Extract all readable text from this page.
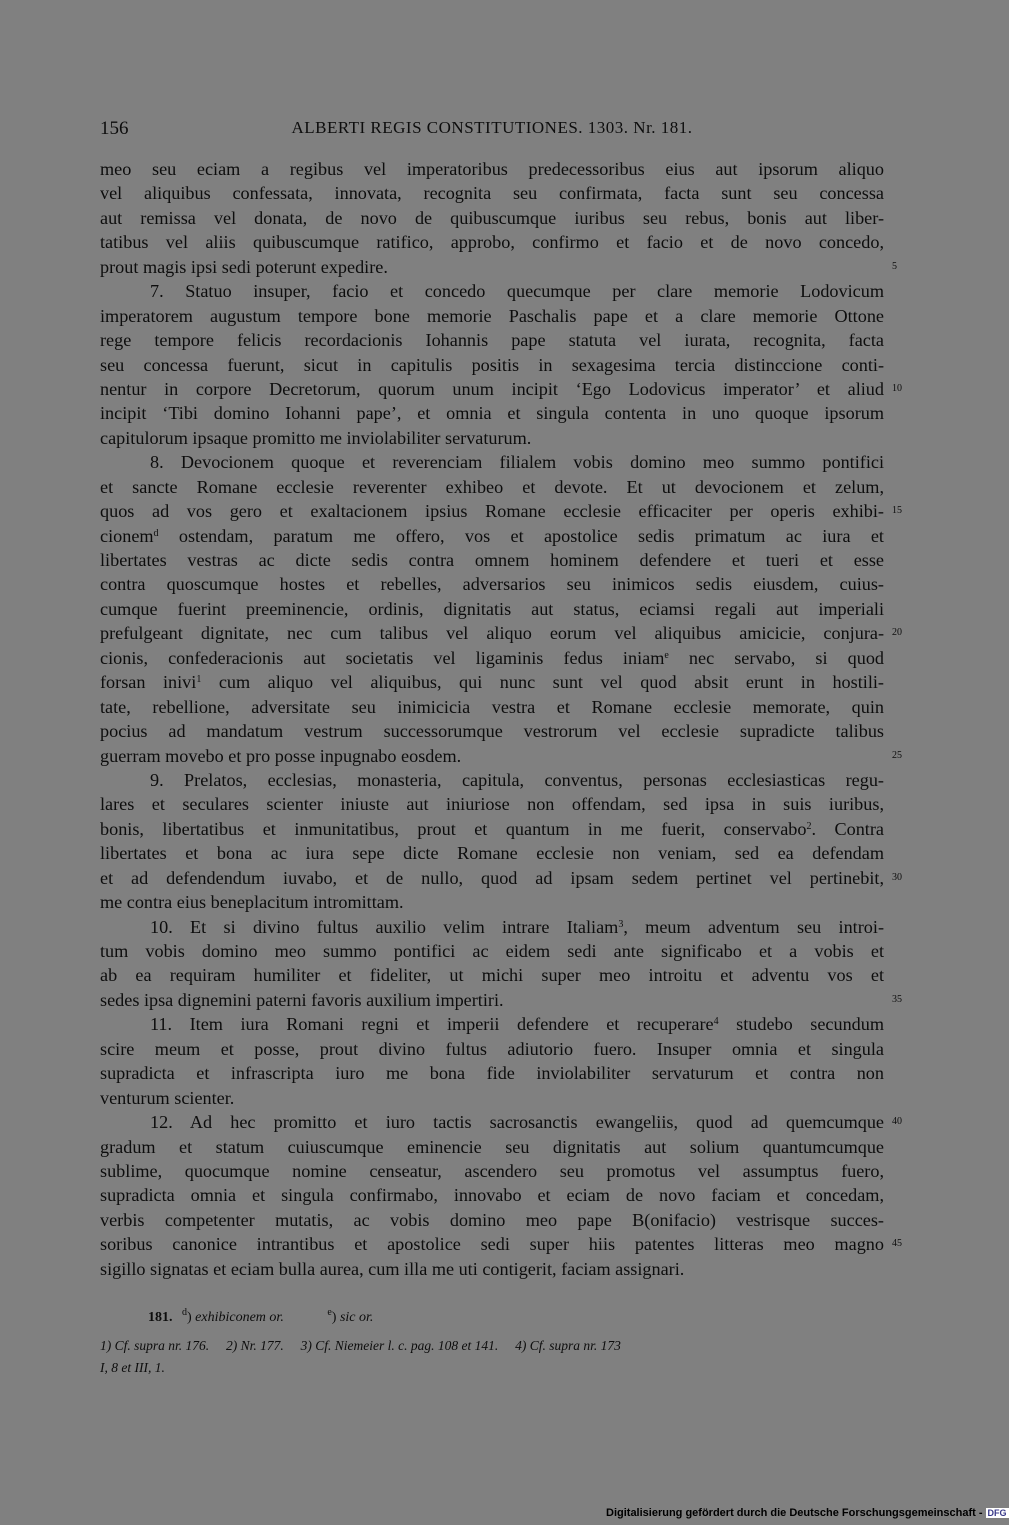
156	ALBERTI REGIS CONSTITUTIONES. 1303. Nr. 181.
meo seu eciam a regibus vel imperatoribus predecessoribus eius aut ipsorum aliquo
vel aliquibus confessata, innovata, recognita seu confirmata, facta sunt seu concessa
aut remissa vel donata, de novo de quibuscumque iuribus seu rebus, bonis aut liber-
tatibus vel aliis quibuscumque ratifico, approbo, confirmo et facio et de novo concedo,
prout magis ipsi sedi poterunt expedire.	5
7. Statuo insuper, facio et concedo quecumque per clare memorie Lodovicum
imperatorem augustum tempore bone memorie Paschalis pape et a clare memorie Ottone
rege tempore felicis recordacionis Iohannis pape statuta vel iurata, recognita, facta
seu concessa fuerunt, sicut in capitulis positis in sexagesima tercia distinccione conti-
nentur in corpore Decretorum, quorum unum incipit ‘Ego Lodovicus imperator’ et aliud 10
incipit ‘Tibi domino Iohanni pape’, et omnia et singula contenta in uno quoque ipsorum
capitulorum ipsaque promitto me inviolabiliter servaturum.
8. Devocionem quoque et reverenciam filialem vobis domino meo summo pontifici
et sancte Romane ecclesie reverenter exhibeo et devote. Et ut devocionem et zelum,
quos ad vos gero et exaltacionem ipsius Romane ecclesie efficaciter per operis exhibi- 15
cionem$^d$ ostendam, paratum me offero, vos et apostolice sedis primatum ac iura et
libertates vestras ac dicte sedis contra omnem hominem defendere et tueri et esse
contra quoscumque hostes et rebelles, adversarios seu inimicos sedis eiusdem, cuius-
cumque fuerint preeminencie, ordinis, dignitatis aut status, eciamsi regali aut imperiali
prefulgeant dignitate, nec cum talibus vel aliquo eorum vel aliquibus amicicie, conjura- 20
cionis, confederacionis aut societatis vel ligaminis fedus iniam$^e$ nec servabo, si quod
forsan inivi$^1$ cum aliquo vel aliquibus, qui nunc sunt vel quod absit erunt in hostili-
tate, rebellione, adversitate seu inimicicia vestra et Romane ecclesie memorate, quin
pocius ad mandatum vestrum successorumque vestrorum vel ecclesie supradicte talibus
guerram movebo et pro posse inpugnabo eosdem.	25
9. Prelatos, ecclesias, monasteria, capitula, conventus, personas ecclesiasticas regu-
lares et seculares scienter iniuste aut iniuriose non offendam, sed ipsa in suis iuribus,
bonis, libertatibus et inmunitatibus, prout et quantum in me fuerit, conservabo$^2$. Contra
libertates et bona ac iura sepe dicte Romane ecclesie non veniam, sed ea defendam
et ad defendendum iuvabo, et de nullo, quod ad ipsam sedem pertinet vel pertinebit, 30
me contra eius beneplacitum intromittam.
10. Et si divino fultus auxilio velim intrare Italiam$^3$, meum adventum seu introi-
tum vobis domino meo summo pontifici ac eidem sedi ante significabo et a vobis et
ab ea requiram humiliter et fideliter, ut michi super meo introitu et adventu vos et
sedes ipsa dignemini paterni favoris auxilium impertiri.	35
11. Item iura Romani regni et imperii defendere et recuperare$^4$ studebo secundum
scire meum et posse, prout divino fultus adiutorio fuero. Insuper omnia et singula
supradicta et infrascripta iuro me bona fide inviolabiliter servaturum et contra non
venturum scienter.
12. Ad hec promitto et iuro tactis sacrosanctis ewangeliis, quod ad quemcumque 40
gradum et statum cuiuscumque eminencie seu dignitatis aut solium quantumcumque
sublime, quocumque nomine censeatur, ascendero seu promotus vel assumptus fuero,
supradicta omnia et singula confirmabo, innovabo et eciam de novo faciam et concedam,
verbis competenter mutatis, ac vobis domino meo pape B(onifacio) vestrisque succes-
soribus canonice intrantibus et apostolice sedi super hiis patentes litteras meo magno 45
sigillo signatas et eciam bulla aurea, cum illa me uti contigerit, faciam assignari.
181. $^d$) exhibiconem or.	$^e$) sic or.
1) Cf. supra nr. 176.     2) Nr. 177.     3) Cf. Niemeier l. c. pag. 108 et 141.     4) Cf. supra nr. 173
I, 8 et III, 1.
Digitalisierung gefördert durch die Deutsche Forschungsgemeinschaft - DFG
